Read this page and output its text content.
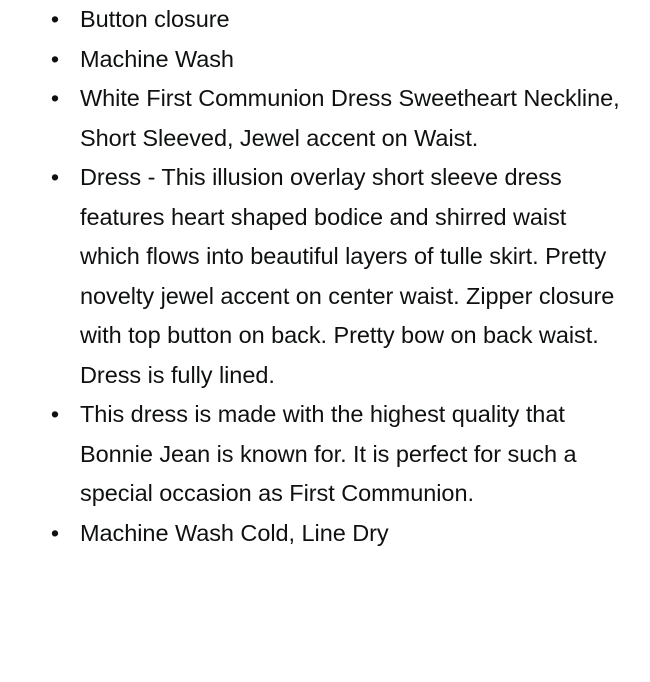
• Button closure
• Machine Wash
• White First Communion Dress Sweetheart Neckline, Short Sleeved, Jewel accent on Waist.
• Dress - This illusion overlay short sleeve dress features heart shaped bodice and shirred waist which flows into beautiful layers of tulle skirt. Pretty novelty jewel accent on center waist. Zipper closure with top button on back. Pretty bow on back waist. Dress is fully lined.
• This dress is made with the highest quality that Bonnie Jean is known for. It is perfect for such a special occasion as First Communion.
• Machine Wash Cold, Line Dry
